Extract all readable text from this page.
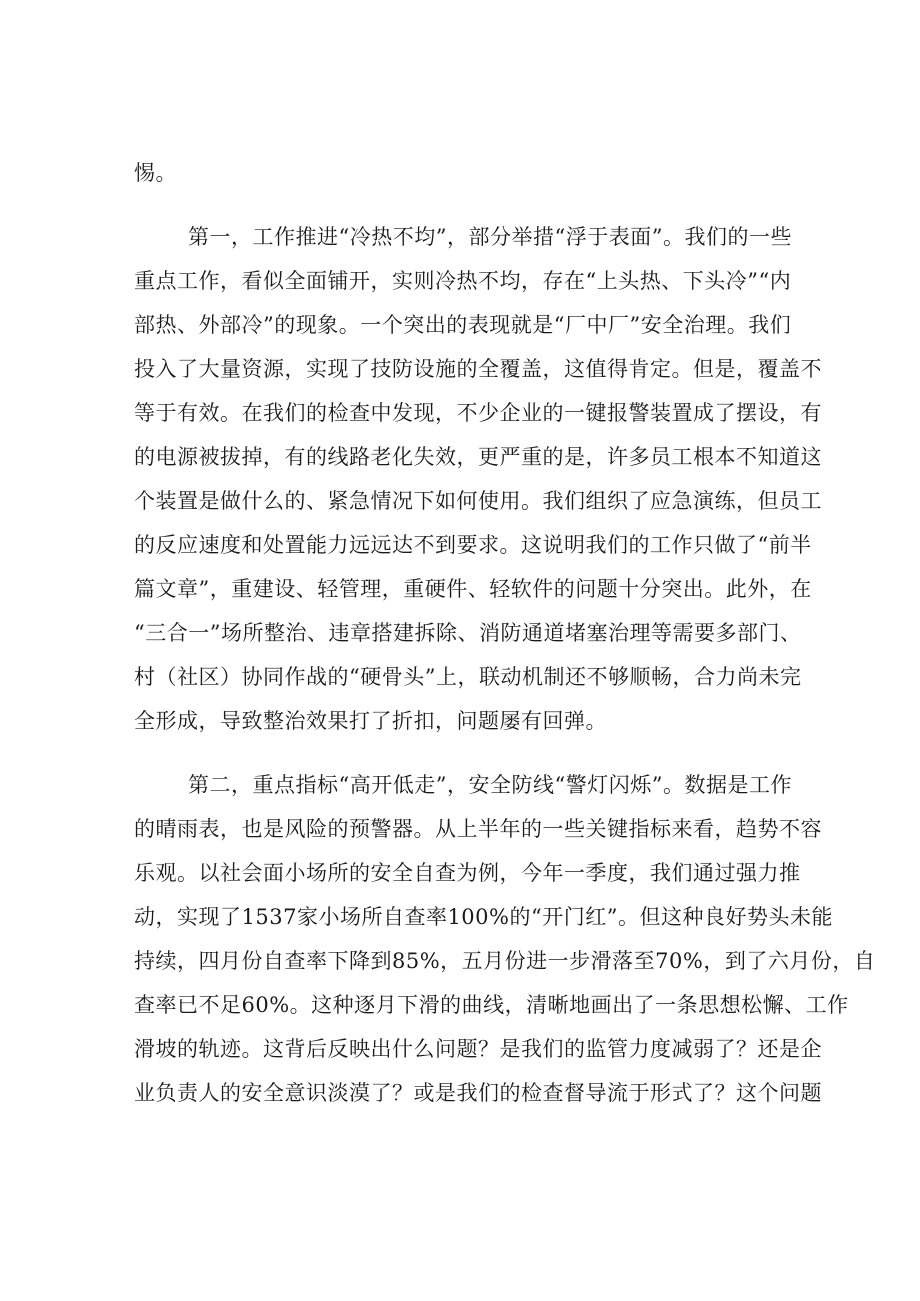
惕。
第一，工作推进“冷热不均”，部分举措“浮于表面”。我们的一些
重点工作，看似全面铺开，实则冷热不均，存在“上头热、下头冷”“内
部热、外部冷”的现象。一个突出的表现就是“厂中厂”安全治理。我们
投入了大量资源，实现了技防设施的全覆盖，这值得肯定。但是，覆盖不
等于有效。在我们的检查中发现，不少企业的一键报警装置成了摆设，有
的电源被拔掉，有的线路老化失效，更严重的是，许多员工根本不知道这
个装置是做什么的、紧急情况下如何使用。我们组织了应急演练，但员工
的反应速度和处置能力远远达不到要求。这说明我们的工作只做了“前半
篇文章”，重建设、轻管理，重硬件、轻软件的问题十分突出。此外，在
“三合一”场所整治、违章搭建拆除、消防通道堵塞治理等需要多部门、
村（社区）协同作战的“硬骨头”上，联动机制还不够顺畅，合力尚未完
全形成，导致整治效果打了折扣，问题屡有回弹。
第二，重点指标“高开低走”，安全防线“警灯闪烁”。数据是工作
的晴雨表，也是风险的预警器。从上半年的一些关键指标来看，趋势不容
乐观。以社会面小场所的安全自查为例，今年一季度，我们通过强力推
动，实现了1537家小场所自查率100%的“开门红”。但这种良好势头未能
持续，四月份自查率下降到85%，五月份进一步滑落至70%，到了六月份，自
查率已不足60%。这种逐月下滑的曲线，清晰地画出了一条思想松懈、工作
滑坡的轨迹。这背后反映出什么问题？是我们的监管力度减弱了？还是企
业负责人的安全意识淡漠了？或是我们的检查督导流于形式了？这个问题
